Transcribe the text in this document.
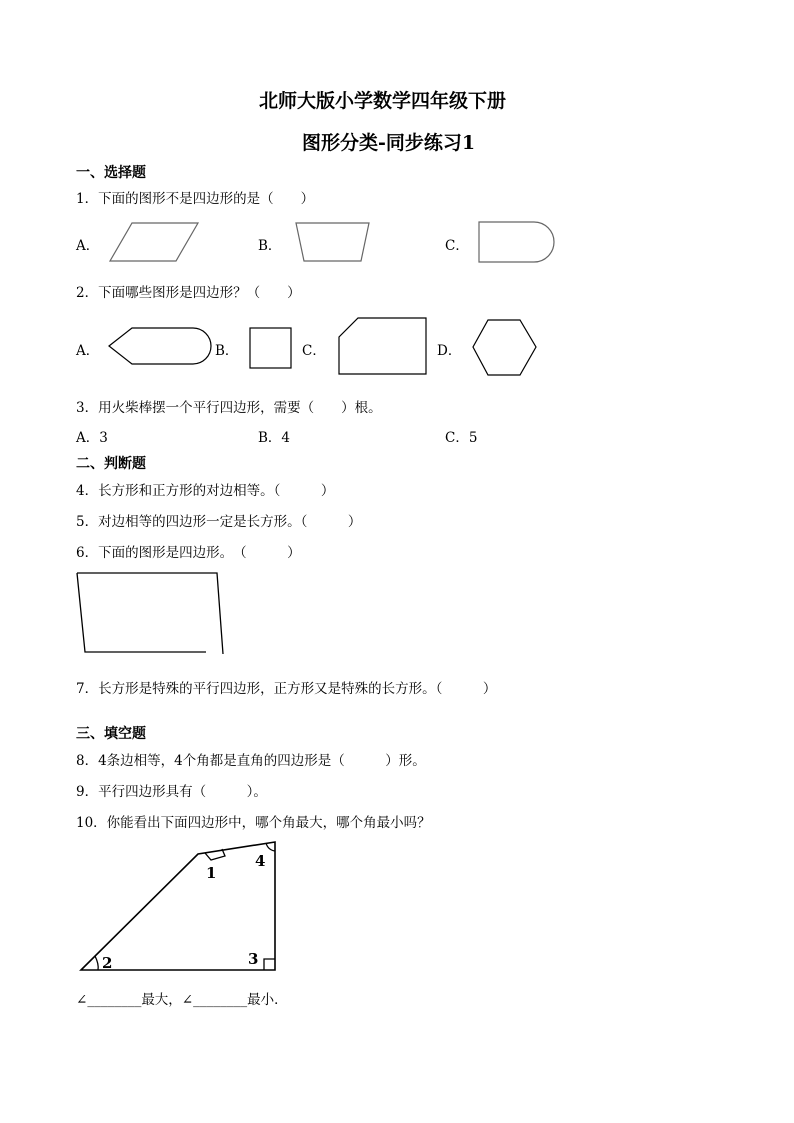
北师大版小学数学四年级下册
图形分类-同步练习1
一、选择题
1．下面的图形不是四边形的是（　　）
A．	B．	C．
2．下面哪些图形是四边形？（　　）
A．	B．	C．	D．
3．用火柴棒摆一个平行四边形，需要（　　）根。
A．3	B．4	C．5
二、判断题
4．长方形和正方形的对边相等。（　　　）
5．对边相等的四边形一定是长方形。（　　　）
6．下面的图形是四边形。　（　　　）
7．长方形是特殊的平行四边形，正方形又是特殊的长方形。（　　　）
三、填空题
8．4条边相等，4个角都是直角的四边形是（　　　）形。
9．平行四边形具有（　　　）。
10．你能看出下面四边形中，哪个角最大，哪个角最小吗？
1
2	3
4
∠________最大，∠________最小．
